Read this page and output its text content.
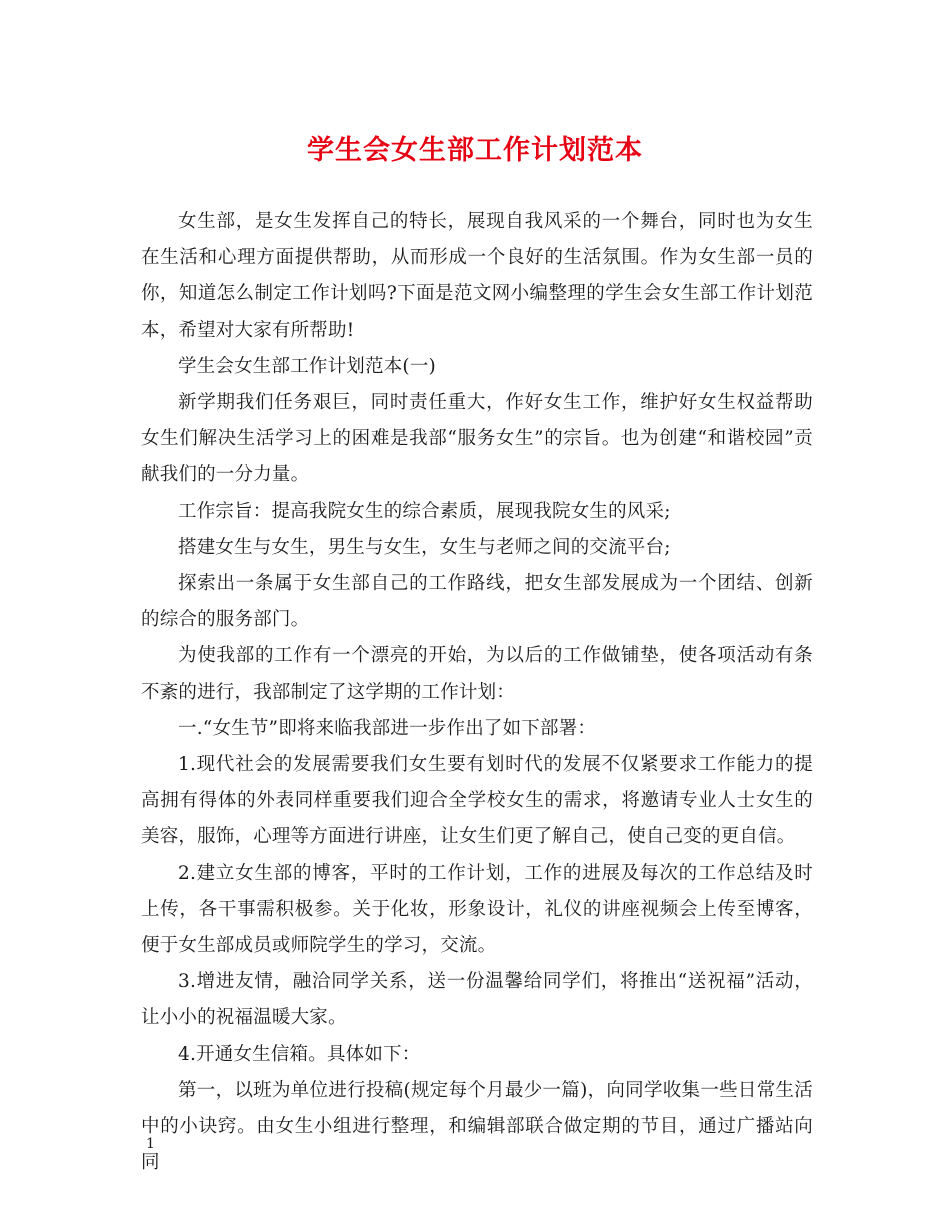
学生会女生部工作计划范本

女生部，是女生发挥自己的特长，展现自我风采的一个舞台，同时也为女生在生活和心理方面提供帮助，从而形成一个良好的生活氛围。作为女生部一员的你，知道怎么制定工作计划吗?下面是范文网小编整理的学生会女生部工作计划范本，希望对大家有所帮助!

学生会女生部工作计划范本(一)

新学期我们任务艰巨，同时责任重大，作好女生工作，维护好女生权益帮助女生们解决生活学习上的困难是我部“服务女生”的宗旨。也为创建“和谐校园”贡献我们的一分力量。

工作宗旨：提高我院女生的综合素质，展现我院女生的风采;

搭建女生与女生，男生与女生，女生与老师之间的交流平台;

探索出一条属于女生部自己的工作路线，把女生部发展成为一个团结、创新的综合的服务部门。

为使我部的工作有一个漂亮的开始，为以后的工作做铺垫，使各项活动有条不紊的进行，我部制定了这学期的工作计划：

一.“女生节”即将来临我部进一步作出了如下部署：

1.现代社会的发展需要我们女生要有划时代的发展不仅紧要求工作能力的提高拥有得体的外表同样重要我们迎合全学校女生的需求，将邀请专业人士女生的美容，服饰，心理等方面进行讲座，让女生们更了解自己，使自己变的更自信。

2.建立女生部的博客，平时的工作计划，工作的进展及每次的工作总结及时上传，各干事需积极参。关于化妆，形象设计，礼仪的讲座视频会上传至博客，便于女生部成员或师院学生的学习，交流。

3.增进友情，融洽同学关系，送一份温馨给同学们，将推出“送祝福”活动，让小小的祝福温暖大家。

4.开通女生信箱。具体如下：

第一，以班为单位进行投稿(规定每个月最少一篇)，向同学收集一些日常生活中的小诀窍。由女生小组进行整理，和编辑部联合做定期的节目，通过广播站向同

1
